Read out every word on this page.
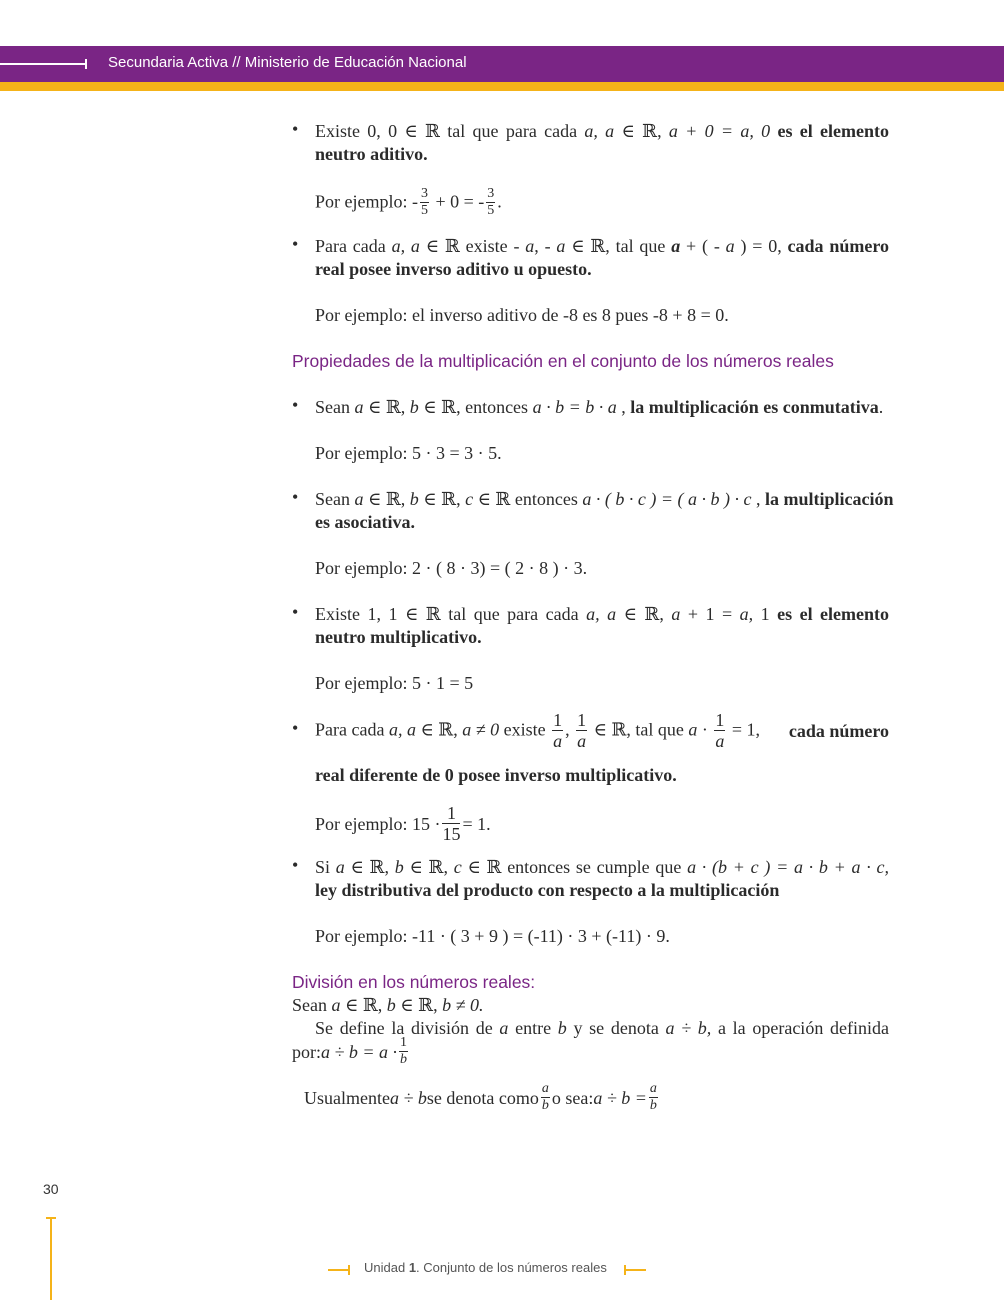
Secundaria Activa // Ministerio de Educación Nacional
• Existe 0, 0 ∈ ℝ tal que para cada a, a ∈ ℝ, a + 0 = a, 0 es el elemento
neutro aditivo.
Por ejemplo: - $\frac{3}{5} + 0$ = - $\frac{3}{5}$ .
• Para cada a, a ∈ ℝ existe - a, - a ∈ ℝ, tal que a + ( - a ) = 0, cada número
real posee inverso aditivo u opuesto.
Por ejemplo: el inverso aditivo de -8 es 8 pues -8 + 8 = 0.
Propiedades de la multiplicación en el conjunto de los números reales
• Sean a ∈ ℝ, b ∈ ℝ, entonces a · b = b · a , la multiplicación es conmutativa.
Por ejemplo: 5 · 3 = 3 · 5.
• Sean a ∈ ℝ, b ∈ ℝ, c ∈ ℝ entonces a · ( b · c ) = ( a · b ) · c , la multiplicación
es asociativa.
Por ejemplo: 2 · ( 8 · 3) = ( 2 · 8 ) · 3.
• Existe 1, 1 ∈ ℝ tal que para cada a, a ∈ ℝ, a + 1 = a, 1 es el elemento
neutro multiplicativo.
Por ejemplo: 5 · 1 = 5
• Para cada a, a ∈ ℝ, a ≠ 0 existe $\frac{1}{a}$ , $\frac{1}{a}$ ∈ ℝ, tal que $a \cdot \frac{1}{a} = 1$, cada número
real diferente de 0 posee inverso multiplicativo.
Por ejemplo: $15 \cdot \frac{1}{15} = 1$.
• Si a ∈ ℝ, b ∈ ℝ, c ∈ ℝ entonces se cumple que a · (b + c ) = a · b + a · c,
ley distributiva del producto con respecto a la multiplicación
Por ejemplo: -11 · ( 3 + 9 ) = (-11) · 3 + (-11) · 9.
División en los números reales:
Sean a ∈ ℝ, b ∈ ℝ, b ≠ 0.
Se define la división de a entre b y se denota a ÷ b, a la operación definida
por: $a \div b = a \cdot \frac{1}{b}$
Usualmente a ÷ b se denota como $\frac{a}{b}$ o sea: $a \div b = \frac{a}{b}$
30
Unidad 1. Conjunto de los números reales
